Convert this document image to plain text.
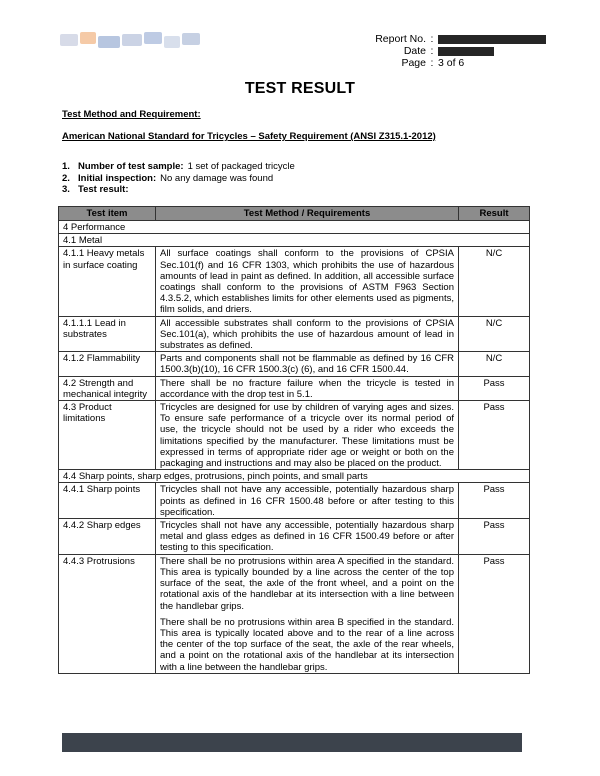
Report No. :
Date :
Page : 3 of 6
TEST RESULT
Test Method and Requirement:
American National Standard for Tricycles – Safety Requirement (ANSI Z315.1-2012)
1. Number of test sample: 1 set of packaged tricycle
2. Initial inspection: No any damage was found
3. Test result:
Test item	Test Method / Requirements	Result
4 Performance		
4.1 Metal		
4.1.1 Heavy metals in surface coating	All surface coatings shall conform to the provisions of CPSIA Sec.101(f) and 16 CFR 1303, which prohibits the use of hazardous amounts of lead in paint as defined. In addition, all accessible surface coatings shall conform to the provisions of ASTM F963 Section 4.3.5.2, which establishes limits for other elements used as pigments, film solids, and driers.	N/C
4.1.1.1 Lead in substrates	All accessible substrates shall conform to the provisions of CPSIA Sec.101(a), which prohibits the use of hazardous amount of lead in substrates as defined.	N/C
4.1.2 Flammability	Parts and components shall not be flammable as defined by 16 CFR 1500.3(b)(10), 16 CFR 1500.3(c) (6), and 16 CFR 1500.44.	N/C
4.2 Strength and mechanical integrity	There shall be no fracture failure when the tricycle is tested in accordance with the drop test in 5.1.	Pass
4.3 Product limitations	Tricycles are designed for use by children of varying ages and sizes. To ensure safe performance of a tricycle over its normal period of use, the tricycle should not be used by a rider who exceeds the limitations specified by the manufacturer. These limitations must be expressed in terms of appropriate rider age or weight or both on the packaging and instructions and may also be placed on the product.	Pass
4.4 Sharp points, sharp edges, protrusions, pinch points, and small parts		
4.4.1 Sharp points	Tricycles shall not have any accessible, potentially hazardous sharp points as defined in 16 CFR 1500.48 before or after testing to this specification.	Pass
4.4.2 Sharp edges	Tricycles shall not have any accessible, potentially hazardous sharp metal and glass edges as defined in 16 CFR 1500.49 before or after testing to this specification.	Pass
4.4.3 Protrusions	There shall be no protrusions within area A specified in the standard. This area is typically bounded by a line across the center of the top surface of the seat, the axle of the front wheel, and a point on the rotational axis of the handlebar at its intersection with a line between the handlebar grips.
There shall be no protrusions within area B specified in the standard. This area is typically located above and to the rear of a line across the center of the top surface of the seat, the axle of the rear wheels, and a point on the rotational axis of the handlebar at its intersection with a line between the handlebar grips.	Pass
